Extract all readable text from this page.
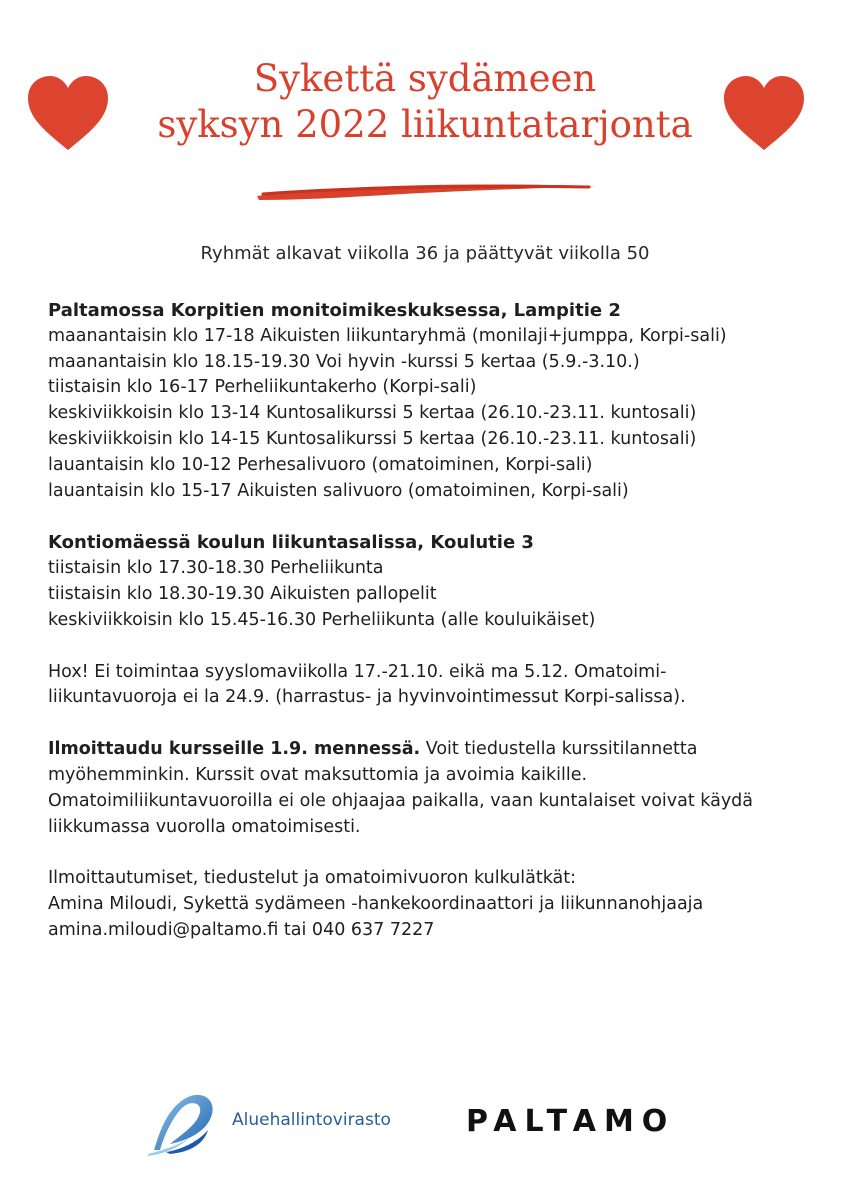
Sykettä sydämeen
syksyn 2022 liikuntatarjonta
Ryhmät alkavat viikolla 36 ja päättyvät viikolla 50
Paltamossa Korpitien monitoimikeskuksessa, Lampitie 2
maanantaisin klo 17-18 Aikuisten liikuntaryhmä (monilaji+jumppa, Korpi-sali)
maanantaisin klo 18.15-19.30 Voi hyvin -kurssi 5 kertaa (5.9.-3.10.)
tiistaisin klo 16-17 Perheliikuntakerho (Korpi-sali)
keskiviikkoisin klo 13-14 Kuntosalikurssi 5 kertaa (26.10.-23.11. kuntosali)
keskiviikkoisin klo 14-15 Kuntosalikurssi 5 kertaa (26.10.-23.11. kuntosali)
lauantaisin klo 10-12 Perhesalivuoro (omatoiminen, Korpi-sali)
lauantaisin klo 15-17 Aikuisten salivuoro (omatoiminen, Korpi-sali)
Kontiomäessä koulun liikuntasalissa, Koulutie 3
tiistaisin klo 17.30-18.30 Perheliikunta
tiistaisin klo 18.30-19.30 Aikuisten pallopelit
keskiviikkoisin klo 15.45-16.30 Perheliikunta (alle kouluikäiset)
Hox! Ei toimintaa syyslomaviikolla 17.-21.10. eikä ma 5.12. Omatoimi-
liikuntavuoroja ei la 24.9. (harrastus- ja hyvinvointimessut Korpi-salissa).
Ilmoittaudu kursseille 1.9. mennessä. Voit tiedustella kurssitilannetta
myöhemminkin. Kurssit ovat maksuttomia ja avoimia kaikille.
Omatoimiliikuntavuoroilla ei ole ohjaajaa paikalla, vaan kuntalaiset voivat käydä
liikkumassa vuorolla omatoimisesti.
Ilmoittautumiset, tiedustelut ja omatoimivuoron kulkulätkät:
Amina Miloudi, Sykettä sydämeen -hankekoordinaattori ja liikunnanohjaaja
amina.miloudi@paltamo.fi tai 040 637 7227
Aluehallintovirasto	PALTAMO
